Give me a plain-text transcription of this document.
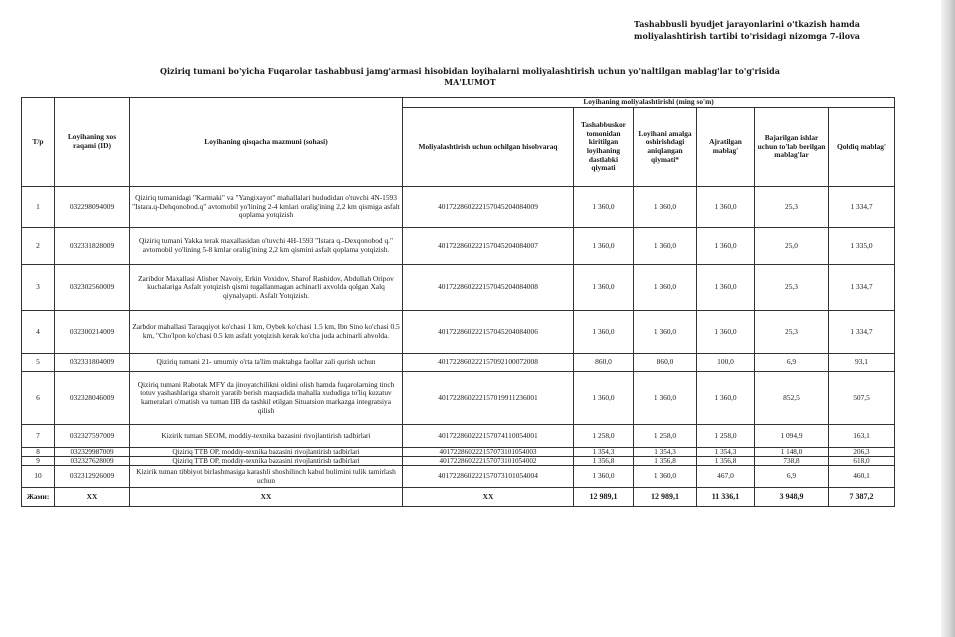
Tashabbusli byudjet jarayonlarini o'tkazish hamda
moliyalashtirish tartibi to'risidagi nizomga 7-ilova
Qiziriq tumani bo'yicha Fuqarolar tashabbusi jamg'armasi hisobidan loyihalarni moliyalashtirish uchun yo'naltilgan mablag'lar to'g'risida
MA'LUMOT
T/p	Loyihaning xos raqami (ID)	Loyihaning qisqacha mazmuni (sohasi)	Loyihaning moliyalashtirishi (ming so'm)					
			Moliyalashtirish uchun ochilgan hisobvaraq	Tashabbuskor tomonidan kiritilgan loyihaning dastlabki qiymati	Loyihani amalga oshirishdagi aniqlangan qiymati*	Ajratilgan mablag'	Bajarilgan ishlar uchun to'lab berilgan mablag'lar	Qoldiq mablag'
1	032298094009	Qiziriq tumanidagi "Karmaki" va "Yangixayot" mahallalari hududidan o'tuvchi 4N-1593 "Istara.q-Dehqonobod.q" avtomobil yo'lining 2-4 kmlari oralig'ining 2,2 km qismiga asfalt qoplama yotqizish	401722860222157045204084009	1 360,0	1 360,0	1 360,0	25,3	1 334,7
2	032331828009	Qiziriq tumani Yakka terak maxallasidan o'tuvchi 4H-1593 "Istara q.-Dexqonobod q." avtomobil yo'lining 5-8 kmlar oralig'ining 2,2 km qismini asfalt qoplama yotqizish.	401722860222157045204084007	1 360,0	1 360,0	1 360,0	25,0	1 335,0
3	032302560009	Zaribdor Maxallasi Alisher Navoiy, Erkin Voxidov, Sharof Rashidov, Abdullah Oripov kuchalariga Asfalt yotqizish qismi tugallanmagan achinarli axvolda qolgan Xalq qiynalyapti. Asfalt Yotqizish.	401722860222157045204084008	1 360,0	1 360,0	1 360,0	25,3	1 334,7
4	032300214009	Zarbdor mahallasi Taraqqiyot ko'chasi 1 km, Oybek ko'chasi 1.5 km, Ibn Sino ko'chasi 0.5 km, "Cho'lpon ko'chasi 0.5 km asfalt yotqizish kerak ko'cha juda achinarli ahvolda.	401722860222157045204084006	1 360,0	1 360,0	1 360,0	25,3	1 334,7
5	032331804009	Qiziriq tumani 21- umumiy o'rta ta'lim maktabga faollar zali qurish uchun	401722860222157092100072008	860,0	860,0	100,0	6,9	93,1
6	032328046009	Qiziriq tumani Rabotak MFY da jinoyatchilikni oldini olish hamda fuqarolarning tinch totuv yashashlariga sharoit yaratib berish maqsadida mahalla xududiga to'liq kuzatuv kameralari o'rnatish va tuman IIB da tashkil etilgan Situatsion markazga integratsiya qilish	401722860222157019911236001	1 360,0	1 360,0	1 360,0	852,5	507,5
7	032327597009	Kizirik tuman SEOM, moddiy-texnika bazasini rivojlantirish tadbirlari	401722860222157074110054001	1 258,0	1 258,0	1 258,0	1 094,9	163,1
8	032329987009	Qiziriq TTB OP, moddiy-texnika bazasini rivojlantirish tadbirlari	401722860222157073101054003	1 354,3	1 354,3	1 354,3	1 148,0	206,3
9	032327628009	Qiziriq TTB OP, moddiy-texnika bazasini rivojlantirish tadbirlari	401722860222157073101054002	1 356,8	1 356,8	1 356,8	738,8	618,0
10	032312926009	Kizirik tuman tibbiyot birlashmasiga karashli shoshilinch kabul bulimini tulik tamirlash uchun	401722860222157073101054004	1 360,0	1 360,0	467,0	6,9	460,1
Жами:	XX	XX	XX	12 989,1	12 989,1	11 336,1	3 948,9	7 387,2
